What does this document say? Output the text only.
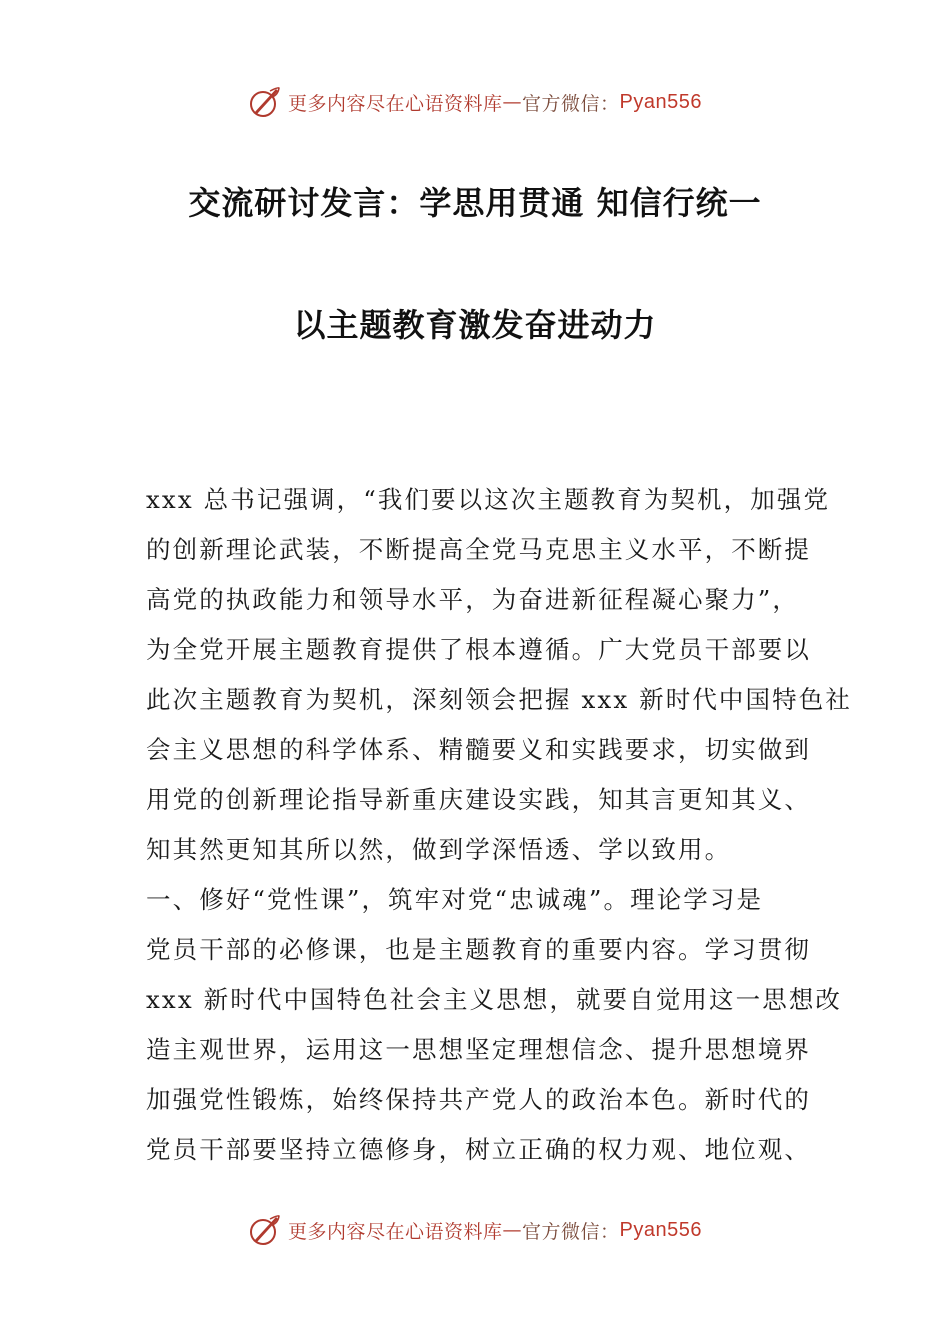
更多内容尽在心语资料库 — 官方微信： Pyan556
交流研讨发言：学思用贯通 知信行统一
以主题教育激发奋进动力
xxx 总书记强调，“我们要以这次主题教育为契机，加强党
的创新理论武装，不断提高全党马克思主义水平，不断提
高党的执政能力和领导水平，为奋进新征程凝心聚力”，
为全党开展主题教育提供了根本遵循。广大党员干部要以
此次主题教育为契机，深刻领会把握 xxx 新时代中国特色社
会主义思想的科学体系、精髓要义和实践要求，切实做到
用党的创新理论指导新重庆建设实践，知其言更知其义、
知其然更知其所以然，做到学深悟透、学以致用。
一、修好“党性课”，筑牢对党“忠诚魂”。理论学习是
党员干部的必修课，也是主题教育的重要内容。学习贯彻
xxx 新时代中国特色社会主义思想，就要自觉用这一思想改
造主观世界，运用这一思想坚定理想信念、提升思想境界
加强党性锻炼，始终保持共产党人的政治本色。新时代的
党员干部要坚持立德修身，树立正确的权力观、地位观、
更多内容尽在心语资料库 — 官方微信： Pyan556
